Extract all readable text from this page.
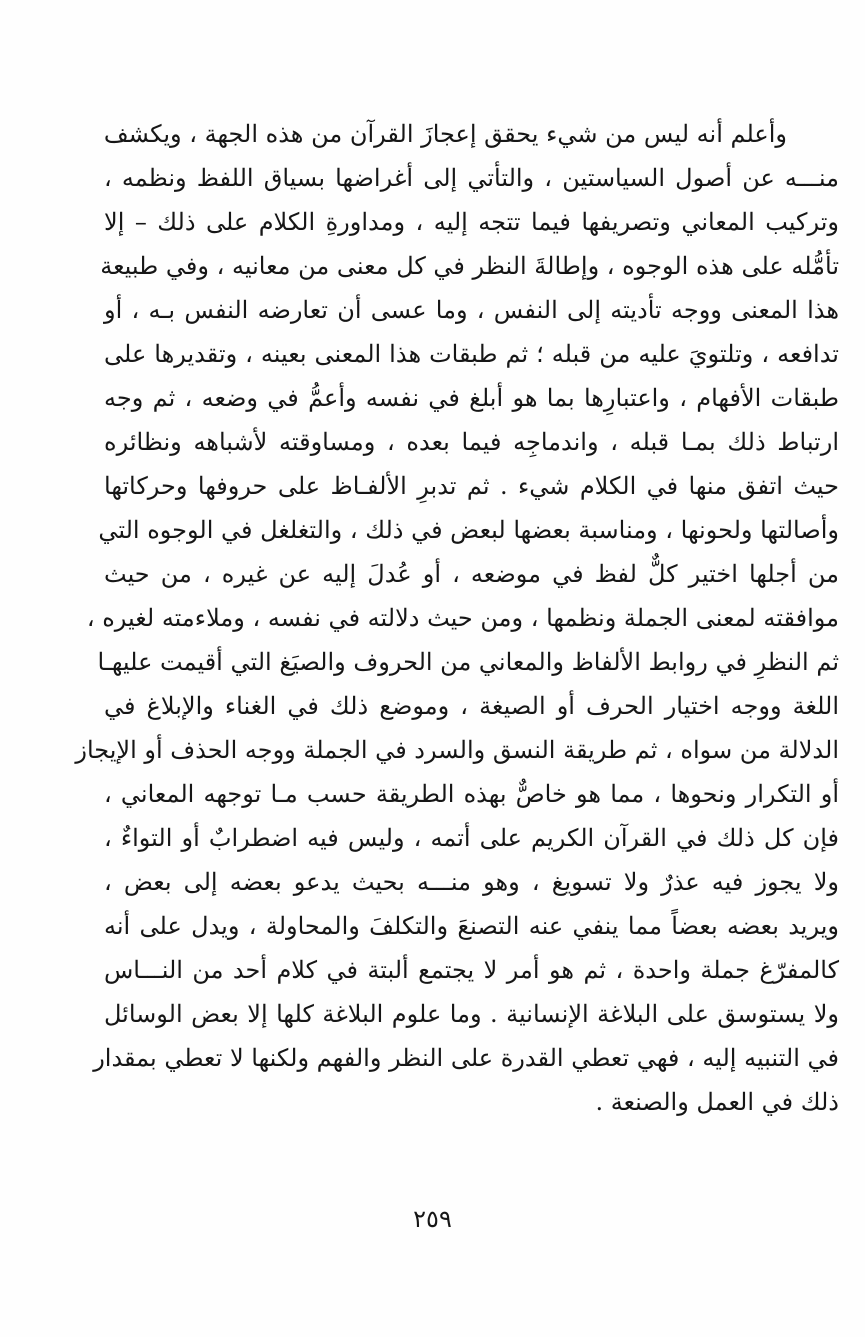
وأعلم أنه ليس من شيء يحقق إعجازَ القرآن من هذه الجهة ، ويكشف
منـــه عن أصول السياستين ، والتأتي إلى أغراضها بسياق اللفظ ونظمه ،
وتركيب المعاني وتصريفها فيما تتجه إليه ، ومداورةِ الكلام على ذلك – إلا
تأمُّله على هذه الوجوه ، وإطالةَ النظر في كل معنى من معانيه ، وفي طبيعة
هذا المعنى ووجه تأديته إلى النفس ، وما عسى أن تعارضه النفس بـه ، أو
تدافعه ، وتلتويَ عليه من قبله ؛ ثم طبقات هذا المعنى بعينه ، وتقديرها على
طبقات الأفهام ، واعتبارِها بما هو أبلغ في نفسه وأعمُّ في وضعه ، ثم وجه
ارتباط ذلك بمـا قبله ، واندماجِه فيما بعده ، ومساوقته لأشباهه ونظائره
حيث اتفق منها في الكلام شيء . ثم تدبرِ الألفـاظ على حروفها وحركاتها
وأصالتها ولحونها ، ومناسبة بعضها لبعض في ذلك ، والتغلغل في الوجوه التي
من أجلها اختير كلٌّ لفظ في موضعه ، أو عُدلَ إليه عن غيره ، من حيث
موافقته لمعنى الجملة ونظمها ، ومن حيث دلالته في نفسه ، وملاءمته لغيره ،
ثم النظرِ في روابط الألفاظ والمعاني من الحروف والصيَغ التي أقيمت عليهـا
اللغة ووجه اختيار الحرف أو الصيغة ، وموضع ذلك في الغناء والإبلاغ في
الدلالة من سواه ، ثم طريقة النسق والسرد في الجملة ووجه الحذف أو الإيجاز
أو التكرار ونحوها ، مما هو خاصٌّ بهذه الطريقة حسب مـا توجهه المعاني ،
فإن كل ذلك في القرآن الكريم على أتمه ، وليس فيه اضطرابٌ أو التواءٌ ،
ولا يجوز فيه عذرٌ ولا تسويغ ، وهو منـــه بحيث يدعو بعضه إلى بعض ،
ويريد بعضه بعضاً مما ينفي عنه التصنعَ والتكلفَ والمحاولة ، ويدل على أنه
كالمفرّغ جملة واحدة ، ثم هو أمر لا يجتمع ألبتة في كلام أحد من النـــاس
ولا يستوسق على البلاغة الإنسانية . وما علوم البلاغة كلها إلا بعض الوسائل
في التنبيه إليه ، فهي تعطي القدرة على النظر والفهم ولكنها لا تعطي بمقدار
ذلك في العمل والصنعة .
٢٥٩
